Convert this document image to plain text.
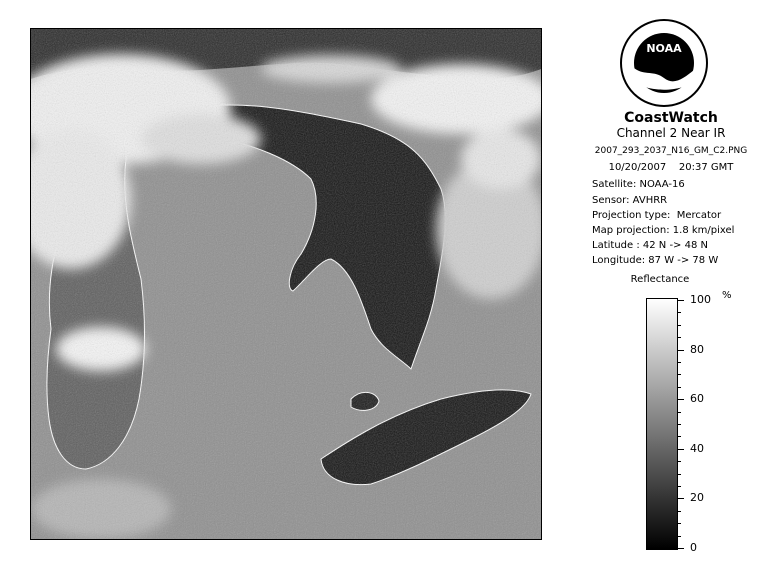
NOAA
CoastWatch
Channel 2 Near IR
2007_293_2037_N16_GM_C2.PNG
10/20/2007    20:37 GMT
Satellite: NOAA-16
Sensor: AVHRR
Projection type:  Mercator
Map projection: 1.8 km/pixel
Latitude : 42 N -> 48 N
Longitude: 87 W -> 78 W
Reflectance
%
100
80
60
40
20
0
